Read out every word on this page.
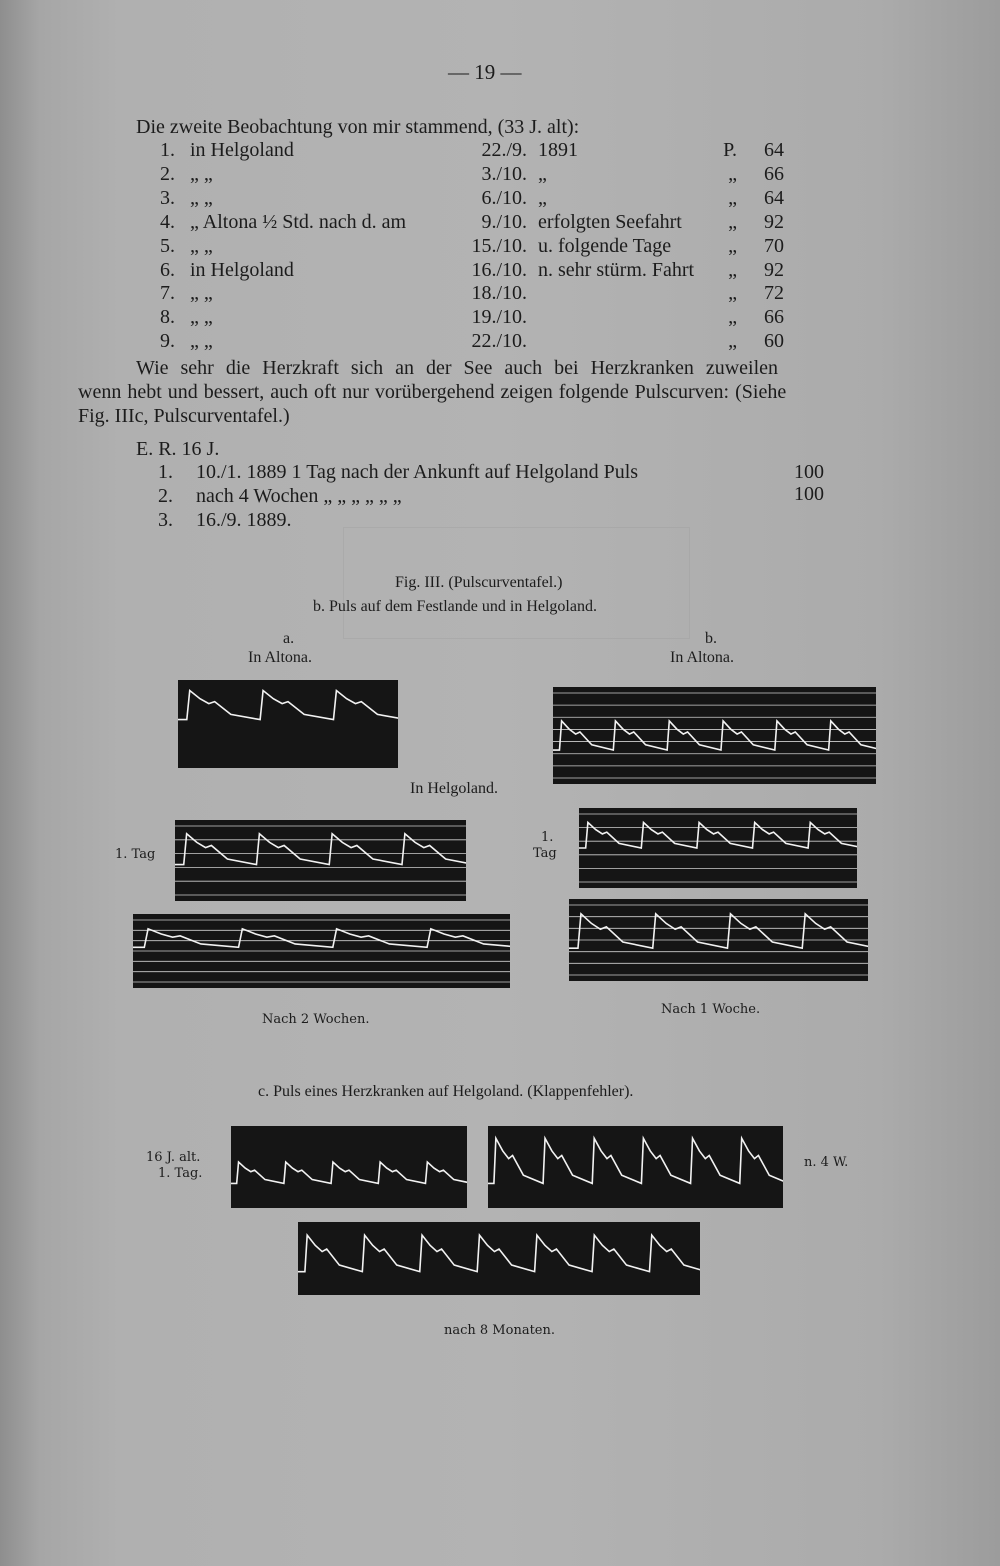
— 19 —
Die zweite Beobachtung von mir stammend, (33 J. alt):
1. in Helgoland	22./9. 1891	P. 64
2. „ „	3./10. „	„ 66
3. „ „	6./10. „	„ 64
4. „ Altona ½ Std. nach d. am	9./10. erfolgten Seefahrt	„ 92
5. „ „	15./10. u. folgende Tage	„ 70
6. in Helgoland	16./10. n. sehr stürm. Fahrt	„ 92
7. „ „	18./10.	„ 72
8. „ „	19./10.	„ 66
9. „ „	22./10.	„ 60
Wie sehr die Herzkraft sich an der See auch bei Herzkranken zuweilen
wenn hebt und bessert, auch oft nur vorübergehend zeigen folgende Pulscurven: (Siehe
Fig. IIIc, Pulscurventafel.)
E. R. 16 J.
1. 10./1. 1889 1 Tag nach der Ankunft auf Helgoland Puls	100
2. nach 4 Wochen „ „ „ „ „ „	100
3. 16./9. 1889.
Fig. III. (Pulscurventafel.)
b. Puls auf dem Festlande und in Helgoland.
a.
In Altona.
b.
In Altona.
In Helgoland.
1. Tag
1.
Tag
Nach 2 Wochen.
Nach 1 Woche.
c. Puls eines Herzkranken auf Helgoland. (Klappenfehler).
16 J. alt.
1. Tag.
n. 4 W.
nach 8 Monaten.
